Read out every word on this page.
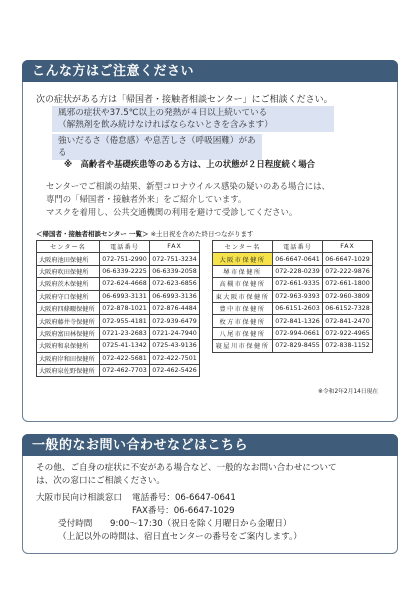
こんな方はご注意ください
次の症状がある方は「帰国者・接触者相談センター」にご相談ください。
風邪の症状や37.5℃以上の発熱が４日以上続いている
（解熱剤を飲み続けなければならないときを含みます）
強いだるさ（倦怠感）や息苦しさ（呼吸困難）がある
※　高齢者や基礎疾患等のある方は、上の状態が２日程度続く場合
センターでご相談の結果、新型コロナウイルス感染の疑いのある場合には、
専門の「帰国者・接触者外来」をご紹介しています。
マスクを着用し、公共交通機関の利用を避けて受診してください。
＜帰国者・接触者相談センター 一覧＞ ※土日祝を含めた終日つながります
センター名	電話番号	FAX
大阪府池田保健所	072-751-2990	072-751-3234
大阪府吹田保健所	06-6339-2225	06-6339-2058
大阪府茨木保健所	072-624-4668	072-623-6856
大阪府守口保健所	06-6993-3131	06-6993-3136
大阪府四條畷保健所	072-878-1021	072-876-4484
大阪府藤井寺保健所	072-955-4181	072-939-6479
大阪府富田林保健所	0721-23-2683	0721-24-7940
大阪府和泉保健所	0725-41-1342	0725-43-9136
大阪府岸和田保健所	072-422-5681	072-422-7501
大阪府泉佐野保健所	072-462-7703	072-462-5426
センター名	電話番号	FAX
大阪市保健所	06-6647-0641	06-6647-1029
堺市保健所	072-228-0239	072-222-9876
高槻市保健所	072-661-9335	072-661-1800
東大阪市保健所	072-963-9393	072-960-3809
豊中市保健所	06-6151-2603	06-6152-7328
枚方市保健所	072-841-1326	072-841-2470
八尾市保健所	072-994-0661	072-922-4965
寝屋川市保健所	072-829-8455	072-838-1152
※令和2年2月14日現在
一般的なお問い合わせなどはこちら
その他、ご自身の症状に不安がある場合など、一般的なお問い合わせについて
は、次の窓口にご相談ください。
大阪市民向け相談窓口	電話番号：06-6647-0641
FAX番号：06-6647-1029
受付時間	9:00～17:30（祝日を除く月曜日から金曜日）
（上記以外の時間は、宿日直センターの番号をご案内します。）
